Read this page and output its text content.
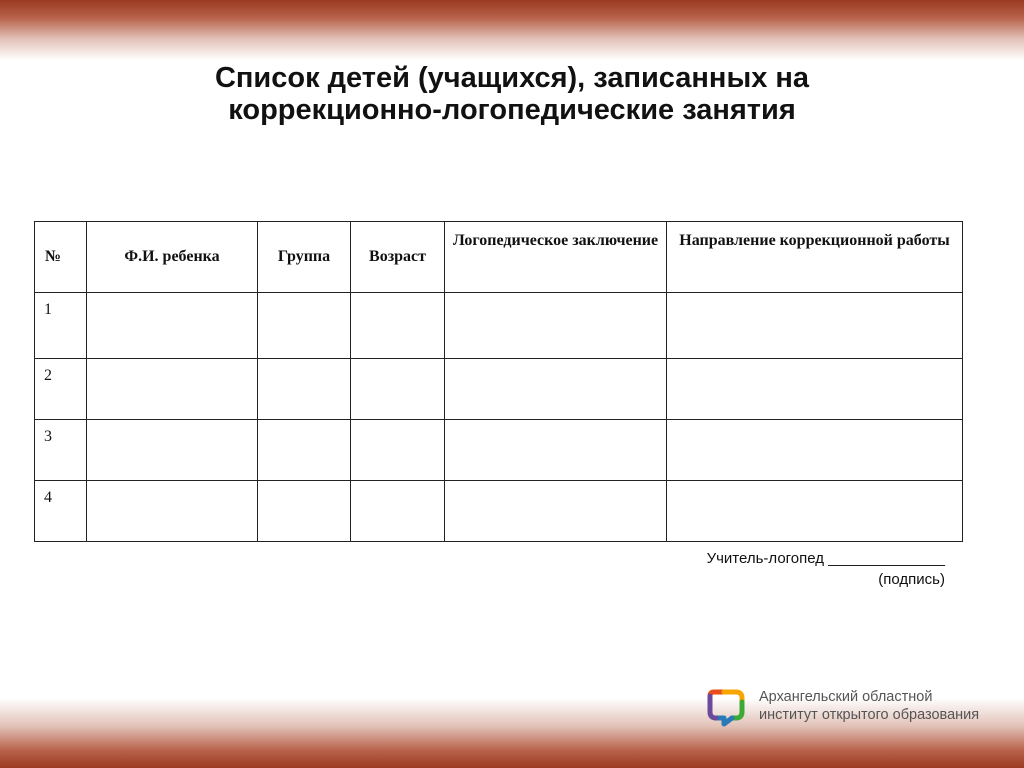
Список детей (учащихся), записанных на
коррекционно-логопедические занятия
№	Ф.И. ребенка	Группа	Возраст	Логопедическое заключение	Направление коррекционной работы
1					
2					
3					
4					
Учитель-логопед ______________
(подпись)
Архангельский областной
институт открытого образования
